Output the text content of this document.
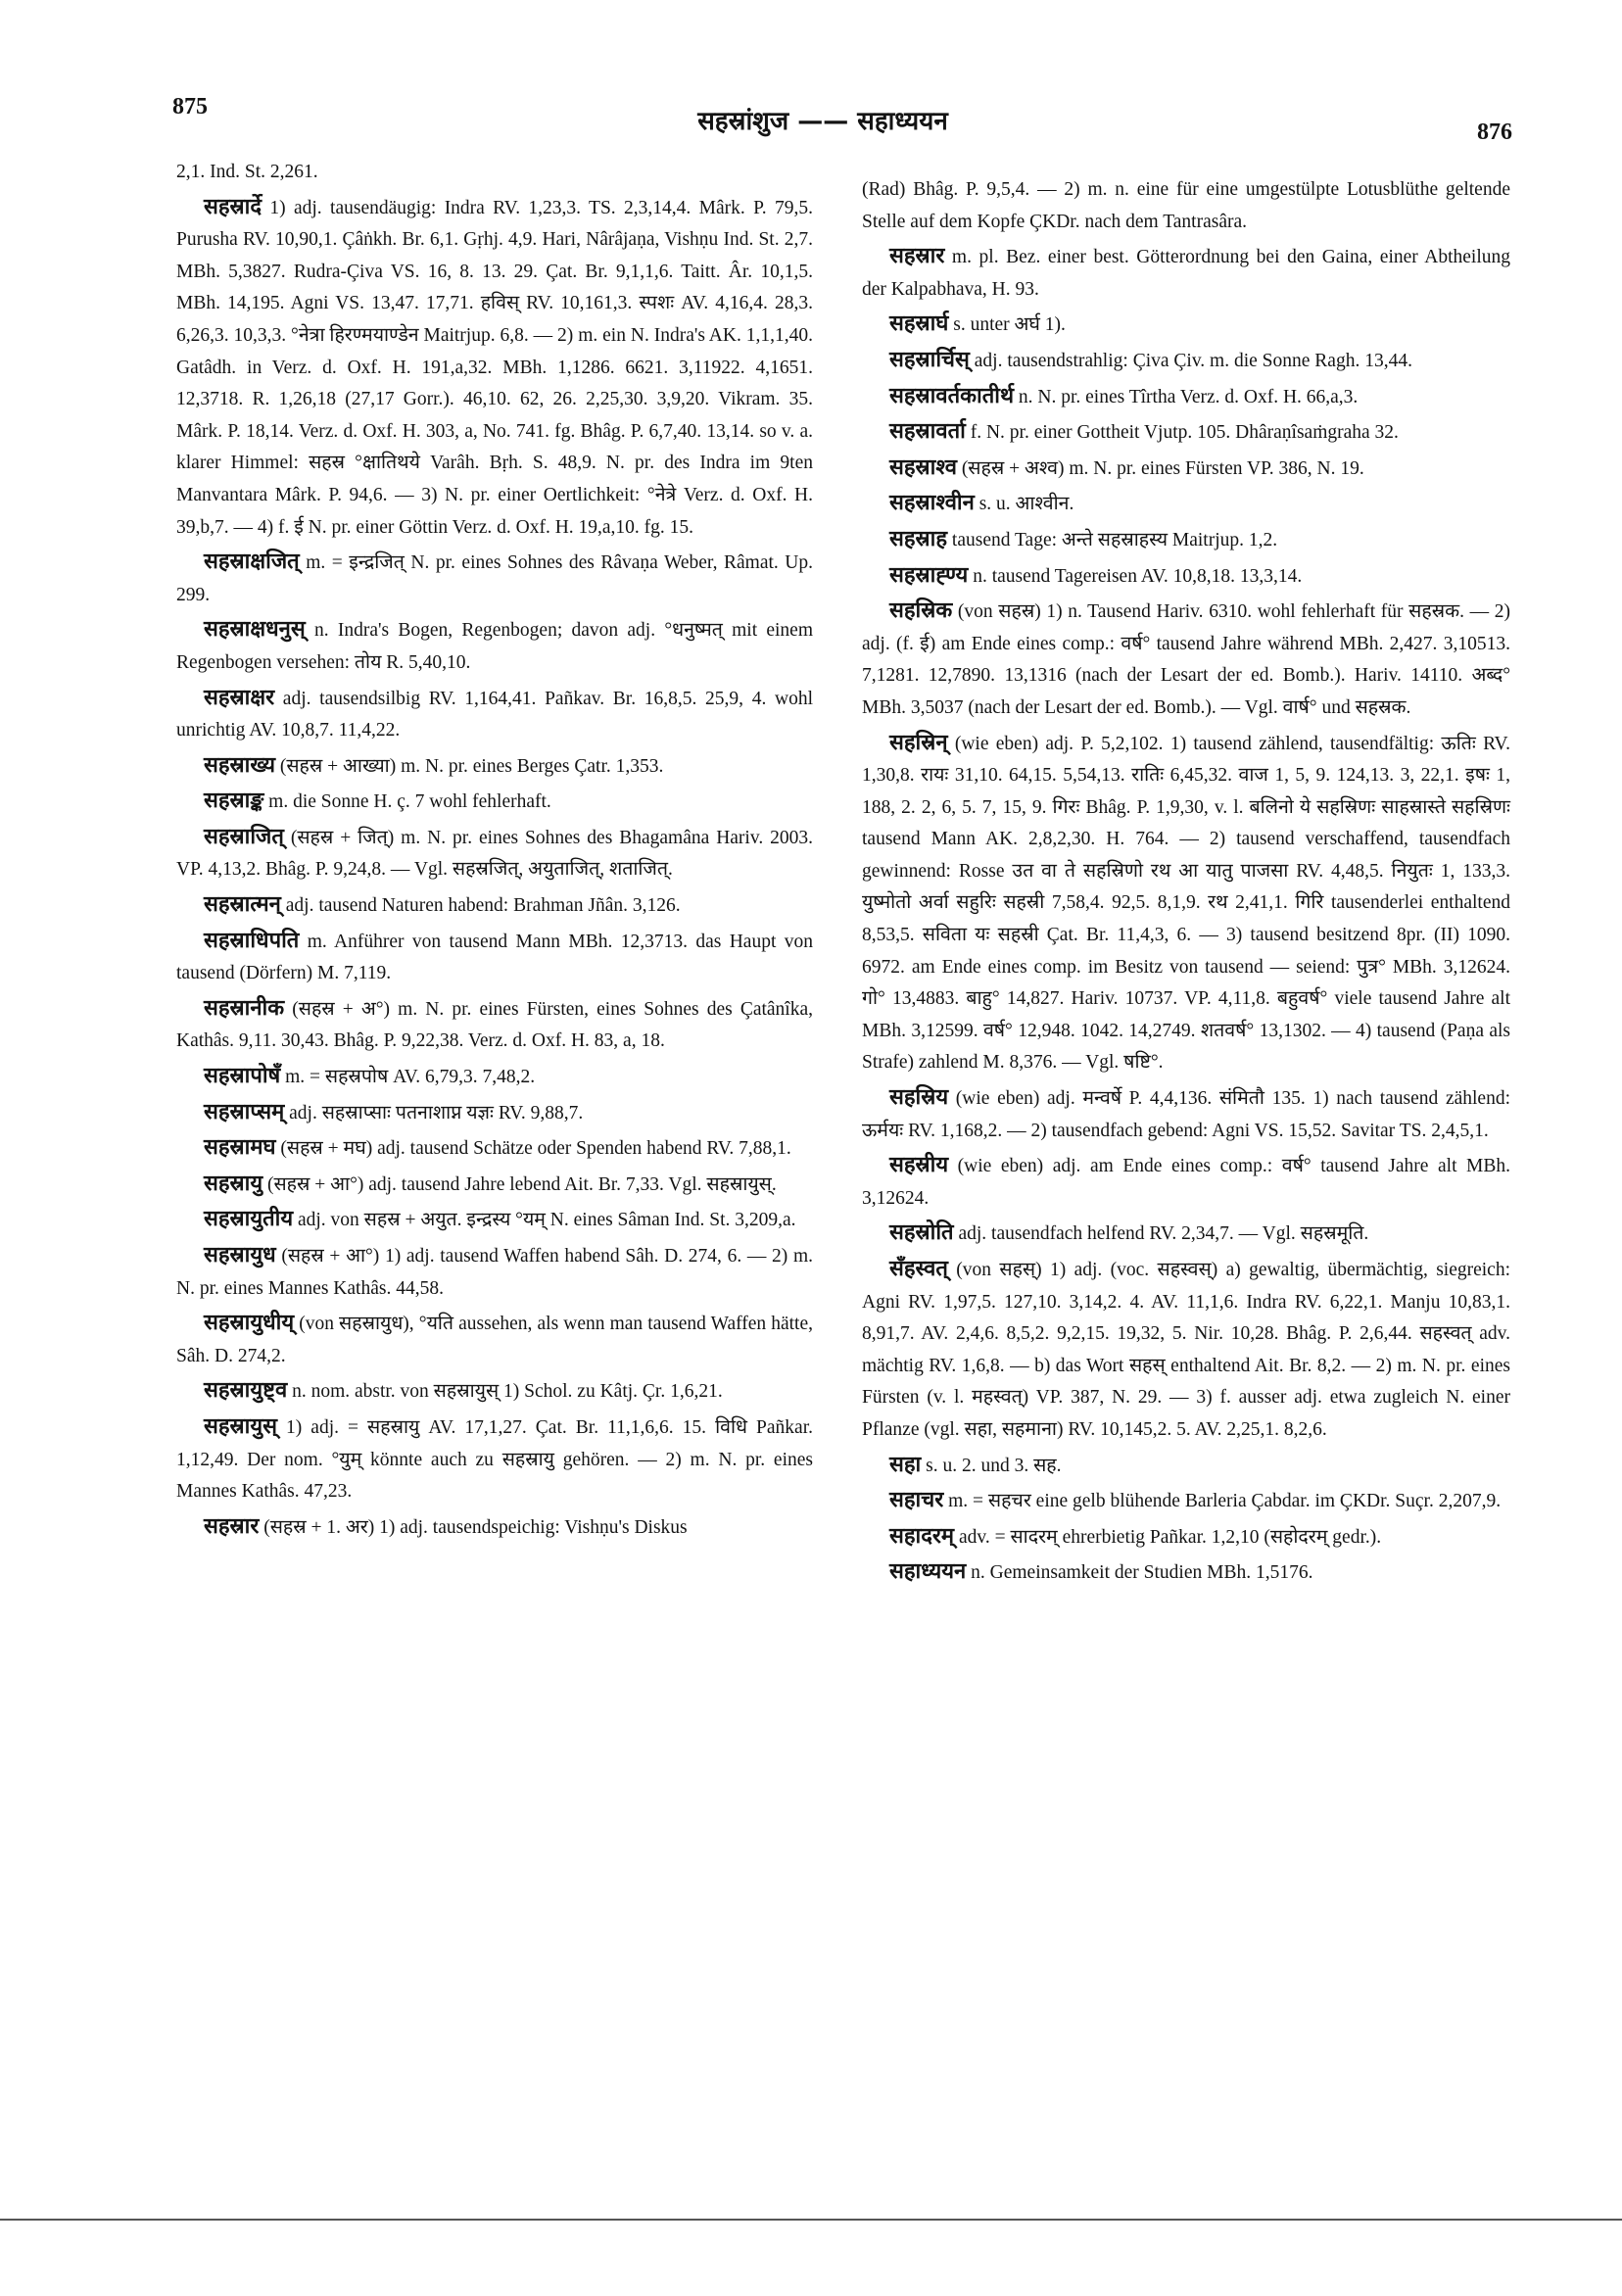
875	सहस्रांशुज —— सहाध्ययन	876

2,1. Ind. St. 2,261.

सहस्रार्दे 1) adj. tausendäugig: Indra RV. 1,23,3. TS. 2,3,14,4. Mârk. P. 79,5. Purusha RV. 10,90,1. Çâṅkh. Br. 6,1. Gṛhj. 4,9. Hari, Nârâjaṇa, Vishṇu Ind. St. 2,7. MBh. 5,3827. Rudra-Çiva VS. 16, 8. 13. 29. Çat. Br. 9,1,1,6. Taitt. Âr. 10,1,5. MBh. 14,195. Agni VS. 13,47. 17,71. हविस् RV. 10,161,3. स्पशः AV. 4,16,4. 28,3. 6,26,3. 10,3,3. °नेत्रा हिरण्मयाण्डेन Maitrjup. 6,8. — 2) m. ein N. Indra's AK. 1,1,1,40. Gatâdh. in Verz. d. Oxf. H. 191,a,32. MBh. 1,1286. 6621. 3,11922. 4,1651. 12,3718. R. 1,26,18 (27,17 Gorr.). 46,10. 62, 26. 2,25,30. 3,9,20. Vikram. 35. Mârk. P. 18,14. Verz. d. Oxf. H. 303, a, No. 741. fg. Bhâg. P. 6,7,40. 13,14. so v. a. klarer Himmel: सहस्र °क्षातिथये Varâh. Bṛh. S. 48,9. N. pr. des Indra im 9ten Manvantara Mârk. P. 94,6. — 3) N. pr. einer Oertlichkeit: °नेत्रे Verz. d. Oxf. H. 39,b,7. — 4) f. ई N. pr. einer Göttin Verz. d. Oxf. H. 19,a,10. fg. 15.

सहस्राक्षजित् m. = इन्द्रजित् N. pr. eines Sohnes des Râvaṇa Weber, Râmat. Up. 299.

सहस्राक्षधनुस् n. Indra's Bogen, Regenbogen; davon adj. °धनुष्मत् mit einem Regenbogen versehen: तोय R. 5,40,10.

सहस्राक्षर adj. tausendsilbig RV. 1,164,41. Pañkav. Br. 16,8,5. 25,9, 4. wohl unrichtig AV. 10,8,7. 11,4,22.

सहस्राख्य (सहस्र + आख्या) m. N. pr. eines Berges Çatr. 1,353.

सहस्राङ्क m. die Sonne H. ç. 7 wohl fehlerhaft.

सहस्राजित् (सहस्र + जित्) m. N. pr. eines Sohnes des Bhagamâna Hariv. 2003. VP. 4,13,2. Bhâg. P. 9,24,8. — Vgl. सहस्रजित्, अयुताजित्, शताजित्.

सहस्रात्मन् adj. tausend Naturen habend: Brahman Jñân. 3,126.

सहस्राधिपति m. Anführer von tausend Mann MBh. 12,3713. das Haupt von tausend (Dörfern) M. 7,119.

सहस्रानीक (सहस्र + अ°) m. N. pr. eines Fürsten, eines Sohnes des Çatânîka, Kathâs. 9,11. 30,43. Bhâg. P. 9,22,38. Verz. d. Oxf. H. 83, a, 18.

सहस्रापोषँ m. = सहस्रपोष AV. 6,79,3. 7,48,2.

सहस्राप्सम् adj. सहस्राप्साः पतनाशाप्न यज्ञः RV. 9,88,7.

सहस्रामघ (सहस्र + मघ) adj. tausend Schätze oder Spenden habend RV. 7,88,1.

सहस्रायु (सहस्र + आ°) adj. tausend Jahre lebend Ait. Br. 7,33. Vgl. सहस्रायुस्.

सहस्रायुतीय adj. von सहस्र + अयुत. इन्द्रस्य °यम् N. eines Sâman Ind. St. 3,209,a.

सहस्रायुध (सहस्र + आ°) 1) adj. tausend Waffen habend Sâh. D. 274, 6. — 2) m. N. pr. eines Mannes Kathâs. 44,58.

सहस्रायुधीय् (von सहस्रायुध), °यति aussehen, als wenn man tausend Waffen hätte, Sâh. D. 274,2.

सहस्रायुष्ट्व n. nom. abstr. von सहस्रायुस् 1) Schol. zu Kâtj. Çr. 1,6,21.

सहस्रायुस् 1) adj. = सहस्रायु AV. 17,1,27. Çat. Br. 11,1,6,6. 15. विधि Pañkar. 1,12,49. Der nom. °युम् könnte auch zu सहस्रायु gehören. — 2) m. N. pr. eines Mannes Kathâs. 47,23.

सहस्रार (सहस्र + 1. अर) 1) adj. tausendspeichig: Vishṇu's Diskus

(Rad) Bhâg. P. 9,5,4. — 2) m. n. eine für eine umgestülpte Lotusblüthe geltende Stelle auf dem Kopfe ÇKDr. nach dem Tantrasâra.

सहस्रार m. pl. Bez. einer best. Götterordnung bei den Gaina, einer Abtheilung der Kalpabhava, H. 93.

सहस्रार्घ s. unter अर्घ 1).

सहस्रार्चिस् adj. tausendstrahlig: Çiva Çiv. m. die Sonne Ragh. 13,44.

सहस्रावर्तकातीर्थ n. N. pr. eines Tîrtha Verz. d. Oxf. H. 66,a,3.

सहस्रावर्ता f. N. pr. einer Gottheit Vjutp. 105. Dhâraṇîsaṁgraha 32.

सहस्राश्व (सहस्र + अश्व) m. N. pr. eines Fürsten VP. 386, N. 19.

सहस्राश्वीन s. u. आश्वीन.

सहस्राह tausend Tage: अन्ते सहस्राहस्य Maitrjup. 1,2.

सहस्राह्ण्य n. tausend Tagereisen AV. 10,8,18. 13,3,14.

सहस्रिक (von सहस्र) 1) n. Tausend Hariv. 6310. wohl fehlerhaft für सहस्रक. — 2) adj. (f. ई) am Ende eines comp.: वर्ष° tausend Jahre während MBh. 2,427. 3,10513. 7,1281. 12,7890. 13,1316 (nach der Lesart der ed. Bomb.). Hariv. 14110. अब्द° MBh. 3,5037 (nach der Lesart der ed. Bomb.). — Vgl. वार्ष° und सहस्रक.

सहस्रिन् (wie eben) adj. P. 5,2,102. 1) tausend zählend, tausendfältig: ऊतिः RV. 1,30,8. रायः 31,10. 64,15. 5,54,13. रातिः 6,45,32. वाज 1, 5, 9. 124,13. 3, 22,1. इषः 1, 188, 2. 2, 6, 5. 7, 15, 9. गिरः Bhâg. P. 1,9,30, v. l. बलिनो ये सहस्रिणः साहस्रास्ते सहस्रिणः tausend Mann AK. 2,8,2,30. H. 764. — 2) tausend verschaffend, tausendfach gewinnend: Rosse उत वा ते सहस्रिणो रथ आ यातु पाजसा RV. 4,48,5. नियुतः 1, 133,3. युष्मोतो अर्वा सहुरिः सहस्री 7,58,4. 92,5. 8,1,9. रथ 2,41,1. गिरि tausenderlei enthaltend 8,53,5. सविता यः सहस्री Çat. Br. 11,4,3, 6. — 3) tausend besitzend 8pr. (II) 1090. 6972. am Ende eines comp. im Besitz von tausend — seiend: पुत्र° MBh. 3,12624. गो° 13,4883. बाहु° 14,827. Hariv. 10737. VP. 4,11,8. बहुवर्ष° viele tausend Jahre alt MBh. 3,12599. वर्ष° 12,948. 1042. 14,2749. शतवर्ष° 13,1302. — 4) tausend (Paṇa als Strafe) zahlend M. 8,376. — Vgl. षष्टि°.

सहस्रिय (wie eben) adj. मन्वर्षे P. 4,4,136. संमितौ 135. 1) nach tausend zählend: ऊर्मयः RV. 1,168,2. — 2) tausendfach gebend: Agni VS. 15,52. Savitar TS. 2,4,5,1.

सहस्रीय (wie eben) adj. am Ende eines comp.: वर्ष° tausend Jahre alt MBh. 3,12624.

सहस्रोति adj. tausendfach helfend RV. 2,34,7. — Vgl. सहस्रमूति.

सँहस्वत् (von सहस्) 1) adj. (voc. सहस्वस्) a) gewaltig, übermächtig, siegreich: Agni RV. 1,97,5. 127,10. 3,14,2. 4. AV. 11,1,6. Indra RV. 6,22,1. Manju 10,83,1. 8,91,7. AV. 2,4,6. 8,5,2. 9,2,15. 19,32, 5. Nir. 10,28. Bhâg. P. 2,6,44. सहस्वत् adv. mächtig RV. 1,6,8. — b) das Wort सहस् enthaltend Ait. Br. 8,2. — 2) m. N. pr. eines Fürsten (v. l. महस्वत्) VP. 387, N. 29. — 3) f. ausser adj. etwa zugleich N. einer Pflanze (vgl. सहा, सहमाना) RV. 10,145,2. 5. AV. 2,25,1. 8,2,6.

सहा s. u. 2. und 3. सह.

सहाचर m. = सहचर eine gelb blühende Barleria Çabdar. im ÇKDr. Suçr. 2,207,9.

सहादरम् adv. = सादरम् ehrerbietig Pañkar. 1,2,10 (सहोदरम् gedr.).

सहाध्ययन n. Gemeinsamkeit der Studien MBh. 1,5176.
